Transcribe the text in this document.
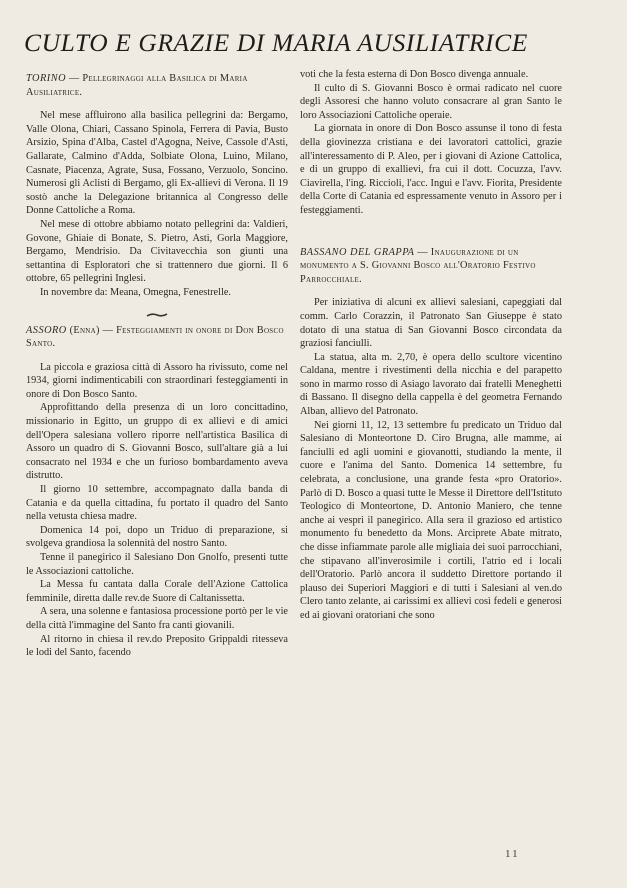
CULTO E GRAZIE DI MARIA AUSILIATRICE
TORINO — Pellegrinaggi alla Basilica di Maria Ausiliatrice.

Nel mese affluirono alla basilica pellegrini da: Bergamo, Valle Olona, Chiari, Cassano Spinola, Ferrera di Pavia, Busto Arsizio, Spina d'Alba, Castel d'Agogna, Neive, Cassole d'Asti, Gallarate, Calmino d'Adda, Solbiate Olona, Luino, Milano, Casnate, Piacenza, Agrate, Susa, Fossano, Verzuolo, Soncino. Numerosi gli Aclisti di Bergamo, gli Ex-allievi di Verona. Il 19 sostò anche la Delegazione britannica al Congresso delle Donne Cattoliche a Roma.

Nel mese di ottobre abbiamo notato pellegrini da: Valdieri, Govone, Ghiaie di Bonate, S. Pietro, Asti, Gorla Maggiore, Bergamo, Mendrisio. Da Civitavecchia son giunti una settantina di Esploratori che si trattennero due giorni. Il 6 ottobre, 65 pellegrini Inglesi.

In novembre da: Meana, Omegna, Fenestrelle.

ASSORO (Enna) — Festeggiamenti in onore di Don Bosco Santo.

La piccola e graziosa città di Assoro ha rivissuto, come nel 1934, giorni indimenticabili con straordinari festeggiamenti in onore di Don Bosco Santo.

Approfittando della presenza di un loro concittadino, missionario in Egitto, un gruppo di ex allievi e di amici dell'Opera salesiana vollero riporre nell'artistica Basilica di Assoro un quadro di S. Giovanni Bosco, sull'altare già a lui consacrato nel 1934 e che un furioso bombardamento aveva distrutto.

Il giorno 10 settembre, accompagnato dalla banda di Catania e da quella cittadina, fu portato il quadro del Santo nella vetusta chiesa madre.

Domenica 14 poi, dopo un Triduo di preparazione, si svolgeva grandiosa la solennità del nostro Santo.

Tenne il panegirico il Salesiano Don Gnolfo, presenti tutte le Associazioni cattoliche.

La Messa fu cantata dalla Corale dell'Azione Cattolica femminile, diretta dalle rev.de Suore di Caltanissetta.

A sera, una solenne e fantasiosa processione portò per le vie della città l'immagine del Santo fra canti giovanili.

Al ritorno in chiesa il rev.do Preposito Grippaldi ritesseva le lodi del Santo, facendo

voti che la festa esterna di Don Bosco divenga annuale.

Il culto di S. Giovanni Bosco è ormai radicato nel cuore degli Assoresi che hanno voluto consacrare al gran Santo le loro Associazioni Cattoliche operaie.

La giornata in onore di Don Bosco assunse il tono di festa della giovinezza cristiana e dei lavoratori cattolici, grazie all'interessamento di P. Aleo, per i giovani di Azione Cattolica, e di un gruppo di exallievi, fra cui il dott. Cocuzza, l'avv. Ciavirella, l'ing. Riccioli, l'acc. Ingui e l'avv. Fiorita, Presidente della Corte di Catania ed espressamente venuto in Assoro per i festeggiamenti.

BASSANO DEL GRAPPA — Inaugurazione di un monumento a S. Giovanni Bosco all'Oratorio Festivo Parrocchiale.

Per iniziativa di alcuni ex allievi salesiani, capeggiati dal comm. Carlo Corazzin, il Patronato San Giuseppe è stato dotato di una statua di San Giovanni Bosco circondata da graziosi fanciulli.

La statua, alta m. 2,70, è opera dello scultore vicentino Caldana, mentre i rivestimenti della nicchia e del parapetto sono in marmo rosso di Asiago lavorato dai fratelli Meneghetti di Bassano. Il disegno della cappella è del geometra Fernando Alban, allievo del Patronato.

Nei giorni 11, 12, 13 settembre fu predicato un Triduo dal Salesiano di Monteortone D. Ciro Brugna, alle mamme, ai fanciulli ed agli uomini e giovanotti, studiando la mente, il cuore e l'anima del Santo. Domenica 14 settembre, fu celebrata, a conclusione, una grande festa «pro Oratorio». Parlò di D. Bosco a quasi tutte le Messe il Direttore dell'Istituto Teologico di Monteortone, D. Antonio Maniero, che tenne anche ai vespri il panegirico. Alla sera il grazioso ed artistico monumento fu benedetto da Mons. Arciprete Abate mitrato, che disse infiammate parole alle migliaia dei suoi parrocchiani, che stipavano all'inverosimile i cortili, l'atrio ed i locali dell'Oratorio. Parlò ancora il suddetto Direttore portando il plauso dei Superiori Maggiori e di tutti i Salesiani al ven.do Clero tanto zelante, ai carissimi ex allievi così fedeli e generosi ed ai giovani oratoriani che sono

11
